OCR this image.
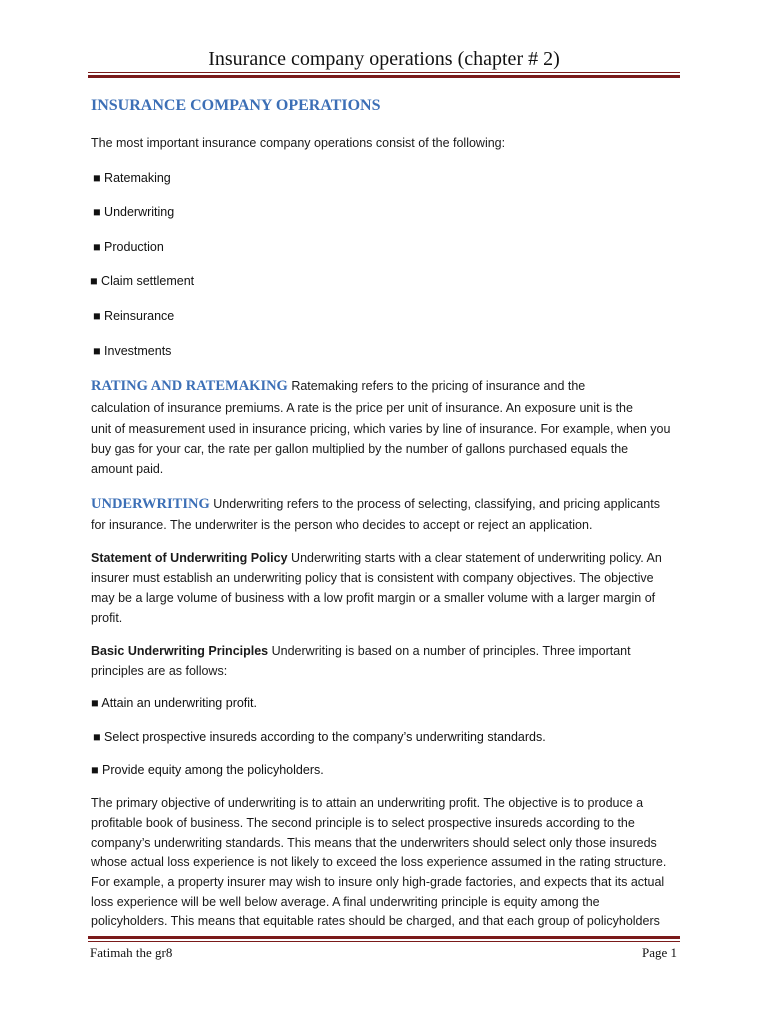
Insurance company operations (chapter # 2)
INSURANCE COMPANY OPERATIONS
The most important insurance company operations consist of the following:
■ Ratemaking
■ Underwriting
■ Production
■ Claim settlement
■ Reinsurance
■ Investments
RATING AND RATEMAKING Ratemaking refers to the pricing of insurance and the
calculation of insurance premiums. A rate is the price per unit of insurance. An exposure unit is the
unit of measurement used in insurance pricing, which varies by line of insurance. For example, when you
buy gas for your car, the rate per gallon multiplied by the number of gallons purchased equals the
amount paid.
UNDERWRITING Underwriting refers to the process of selecting, classifying, and pricing applicants
for insurance. The underwriter is the person who decides to accept or reject an application.
Statement of Underwriting Policy Underwriting starts with a clear statement of underwriting policy. An
insurer must establish an underwriting policy that is consistent with company objectives. The objective
may be a large volume of business with a low profit margin or a smaller volume with a larger margin of
profit.
Basic Underwriting Principles Underwriting is based on a number of principles. Three important
principles are as follows:
■ Attain an underwriting profit.
■ Select prospective insureds according to the company’s underwriting standards.
■ Provide equity among the policyholders.
The primary objective of underwriting is to attain an underwriting profit. The objective is to produce a
profitable book of business. The second principle is to select prospective insureds according to the
company’s underwriting standards. This means that the underwriters should select only those insureds
whose actual loss experience is not likely to exceed the loss experience assumed in the rating structure.
For example, a property insurer may wish to insure only high-grade factories, and expects that its actual
loss experience will be well below average. A final underwriting principle is equity among the
policyholders. This means that equitable rates should be charged, and that each group of policyholders
Fatimah the gr8	Page 1
